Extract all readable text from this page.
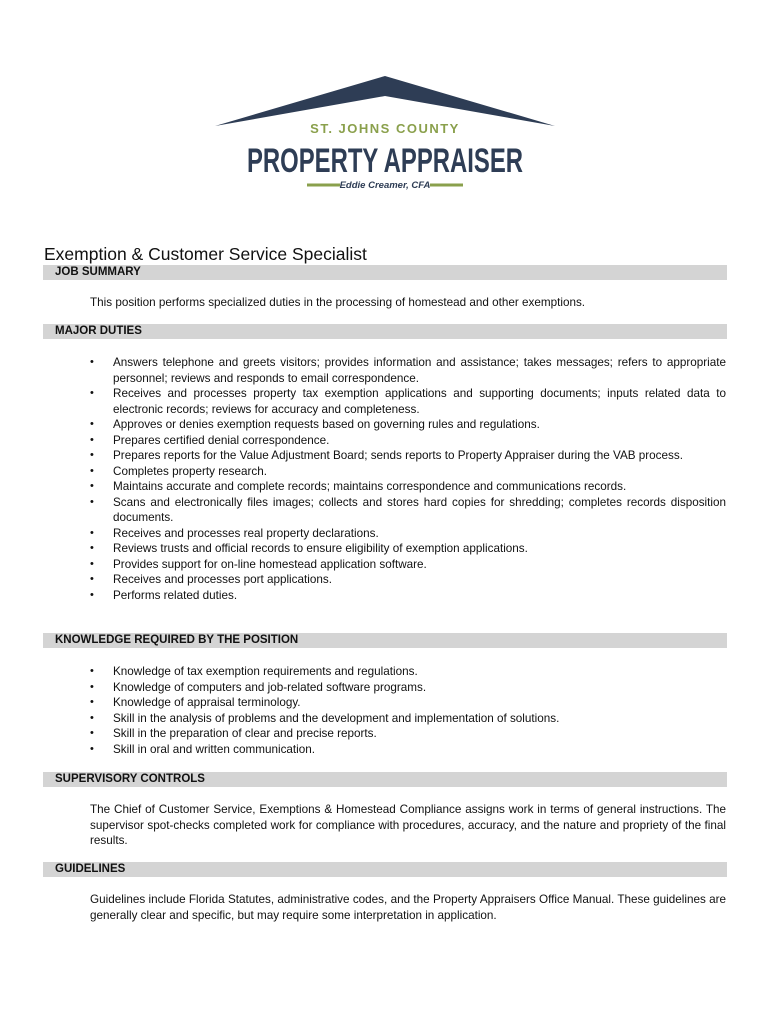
ST. JOHNS COUNTY
PROPERTY APPRAISER
Eddie Creamer, CFA
Exemption & Customer Service Specialist
JOB SUMMARY

This position performs specialized duties in the processing of homestead and other exemptions.

MAJOR DUTIES
• Answers telephone and greets visitors; provides information and assistance; takes messages; refers to appropriate personnel; reviews and responds to email correspondence.
• Receives and processes property tax exemption applications and supporting documents; inputs related data to electronic records; reviews for accuracy and completeness.
• Approves or denies exemption requests based on governing rules and regulations.
• Prepares certified denial correspondence.
• Prepares reports for the Value Adjustment Board; sends reports to Property Appraiser during the VAB process.
• Completes property research.
• Maintains accurate and complete records; maintains correspondence and communications records.
• Scans and electronically files images; collects and stores hard copies for shredding; completes records disposition documents.
• Receives and processes real property declarations.
• Reviews trusts and official records to ensure eligibility of exemption applications.
• Provides support for on-line homestead application software.
• Receives and processes port applications.
• Performs related duties.
KNOWLEDGE REQUIRED BY THE POSITION
• Knowledge of tax exemption requirements and regulations.
• Knowledge of computers and job-related software programs.
• Knowledge of appraisal terminology.
• Skill in the analysis of problems and the development and implementation of solutions.
• Skill in the preparation of clear and precise reports.
• Skill in oral and written communication.
SUPERVISORY CONTROLS

The Chief of Customer Service, Exemptions & Homestead Compliance assigns work in terms of general instructions. The supervisor spot-checks completed work for compliance with procedures, accuracy, and the nature and propriety of the final results.

GUIDELINES

Guidelines include Florida Statutes, administrative codes, and the Property Appraisers Office Manual. These guidelines are generally clear and specific, but may require some interpretation in application.
